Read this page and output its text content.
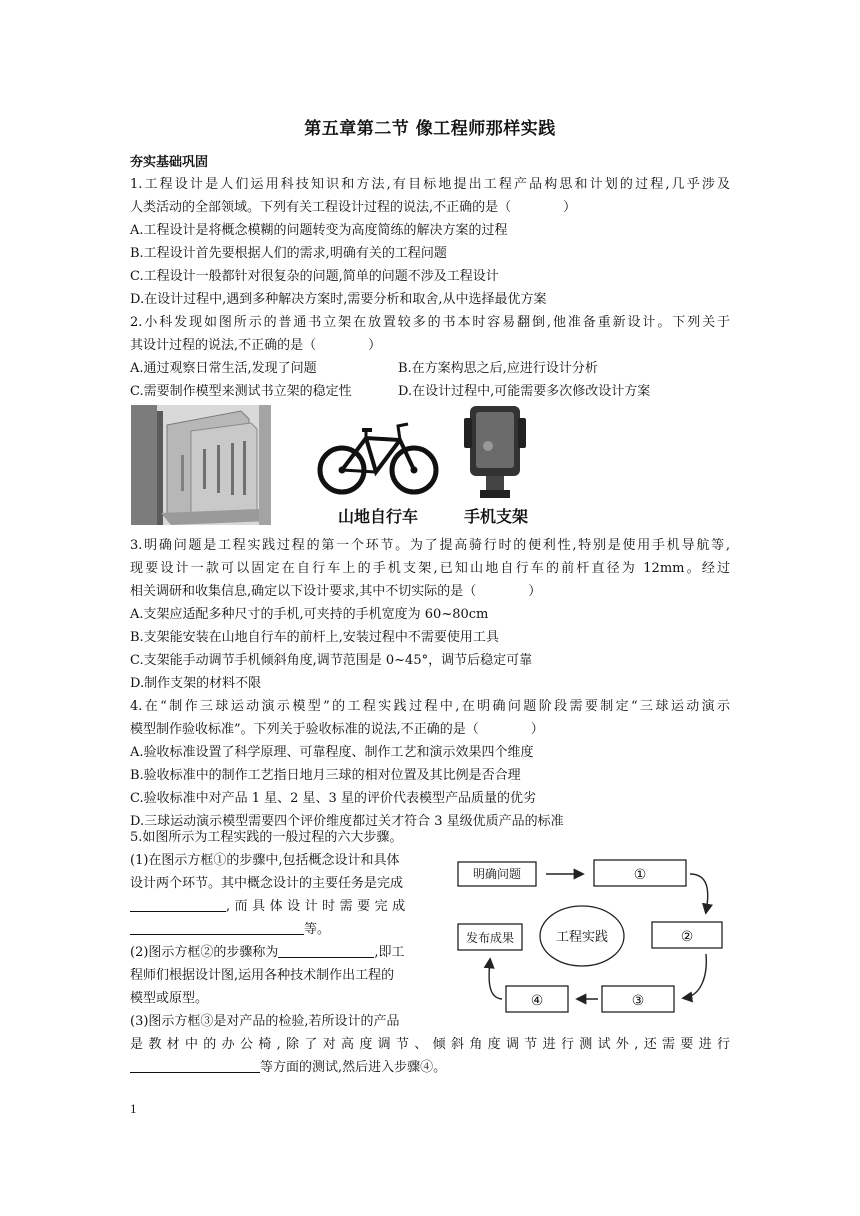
第五章第二节 像工程师那样实践
夯实基础巩固
1.工程设计是人们运用科技知识和方法,有目标地提出工程产品构思和计划的过程,几乎涉及
人类活动的全部领域。下列有关工程设计过程的说法,不正确的是（　　　　）
A.工程设计是将概念模糊的问题转变为高度简练的解决方案的过程
B.工程设计首先要根据人们的需求,明确有关的工程问题
C.工程设计一般都针对很复杂的问题,简单的问题不涉及工程设计
D.在设计过程中,遇到多种解决方案时,需要分析和取舍,从中选择最优方案
2.小科发现如图所示的普通书立架在放置较多的书本时容易翻倒,他准备重新设计。下列关于
其设计过程的说法,不正确的是（　　　　）
A.通过观察日常生活,发现了问题	B.在方案构思之后,应进行设计分析
C.需要制作模型来测试书立架的稳定性	D.在设计过程中,可能需要多次修改设计方案
山地自行车	手机支架
3.明确问题是工程实践过程的第一个环节。为了提高骑行时的便利性,特别是使用手机导航等,
现要设计一款可以固定在自行车上的手机支架,已知山地自行车的前杆直径为 12mm。经过
相关调研和收集信息,确定以下设计要求,其中不切实际的是（　　　　）
A.支架应适配多种尺寸的手机,可夹持的手机宽度为 60~80cm
B.支架能安装在山地自行车的前杆上,安装过程中不需要使用工具
C.支架能手动调节手机倾斜角度,调节范围是 0~45°，调节后稳定可靠
D.制作支架的材料不限
4.在“制作三球运动演示模型”的工程实践过程中,在明确问题阶段需要制定“三球运动演示
模型制作验收标准”。下列关于验收标准的说法,不正确的是（　　　　）
A.验收标准设置了科学原理、可靠程度、制作工艺和演示效果四个维度
B.验收标准中的制作工艺指日地月三球的相对位置及其比例是否合理
C.验收标准中对产品 1 星、2 星、3 星的评价代表模型产品质量的优劣
D.三球运动演示模型需要四个评价维度都过关才符合 3 星级优质产品的标准
5.如图所示为工程实践的一般过程的六大步骤。
(1)在图示方框①的步骤中,包括概念设计和具体
设计两个环节。其中概念设计的主要任务是完成
,而具体设计时需要完成
等。
(2)图示方框②的步骤称为	,即工
程师们根据设计图,运用各种技术制作出工程的
模型或原型。
(3)图示方框③是对产品的检验,若所设计的产品
是教材中的办公椅,除了对高度调节、倾斜角度调节进行测试外,还需要进行
等方面的测试,然后进入步骤④。
明确问题	①
②
③
④
发布成果	工程实践
1
